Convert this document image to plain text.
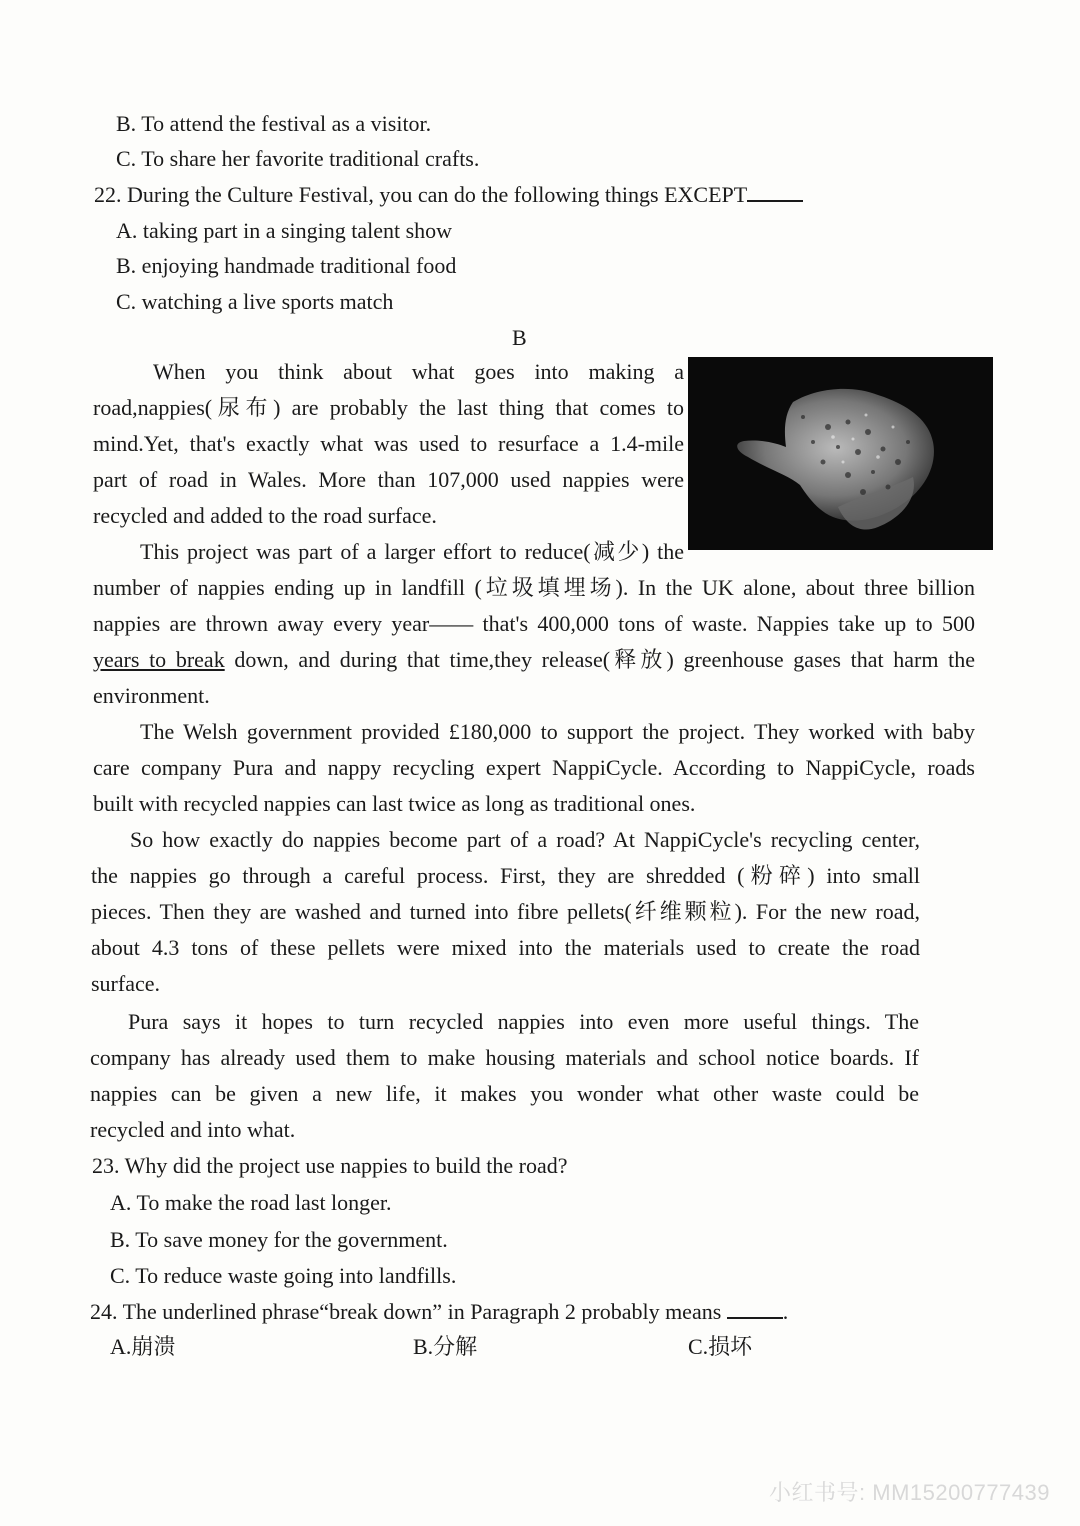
B. To attend the festival as a visitor.
C. To share her favorite traditional crafts.
22. During the Culture Festival, you can do the following things EXCEPT
A. taking part in a singing talent show
B. enjoying handmade traditional food
C. watching a live sports match
B
When you think about what goes into making a
road,nappies(尿布) are probably the last thing that comes to
mind.Yet, that's exactly what was used to resurface a 1.4-mile
part of road in Wales. More than 107,000 used nappies were
recycled and added to the road surface.
This project was part of a larger effort to reduce(减少) the
number of nappies ending up in landfill (垃圾填埋场). In the UK alone, about three billion
nappies are thrown away every year—— that's 400,000 tons of waste. Nappies take up to 500
years to break down, and during that time,they release(释放) greenhouse gases that harm the
environment.
The Welsh government provided £180,000 to support the project. They worked with baby
care company Pura and nappy recycling expert NappiCycle. According to NappiCycle, roads
built with recycled nappies can last twice as long as traditional ones.
So how exactly do nappies become part of a road? At NappiCycle's recycling center,
the nappies go through a careful process. First, they are shredded (粉碎) into small
pieces. Then they are washed and turned into fibre pellets(纤维颗粒). For the new road,
about 4.3 tons of these pellets were mixed into the materials used to create the road
surface.
Pura says it hopes to turn recycled nappies into even more useful things. The
company has already used them to make housing materials and school notice boards. If
nappies can be given a new life, it makes you wonder what other waste could be
recycled and into what.
23. Why did the project use nappies to build the road?
A. To make the road last longer.
B. To save money for the government.
C. To reduce waste going into landfills.
24. The underlined phrase“break down” in Paragraph 2 probably means	.
A.崩溃	B.分解	C.损坏
小红书号: MM15200777439
